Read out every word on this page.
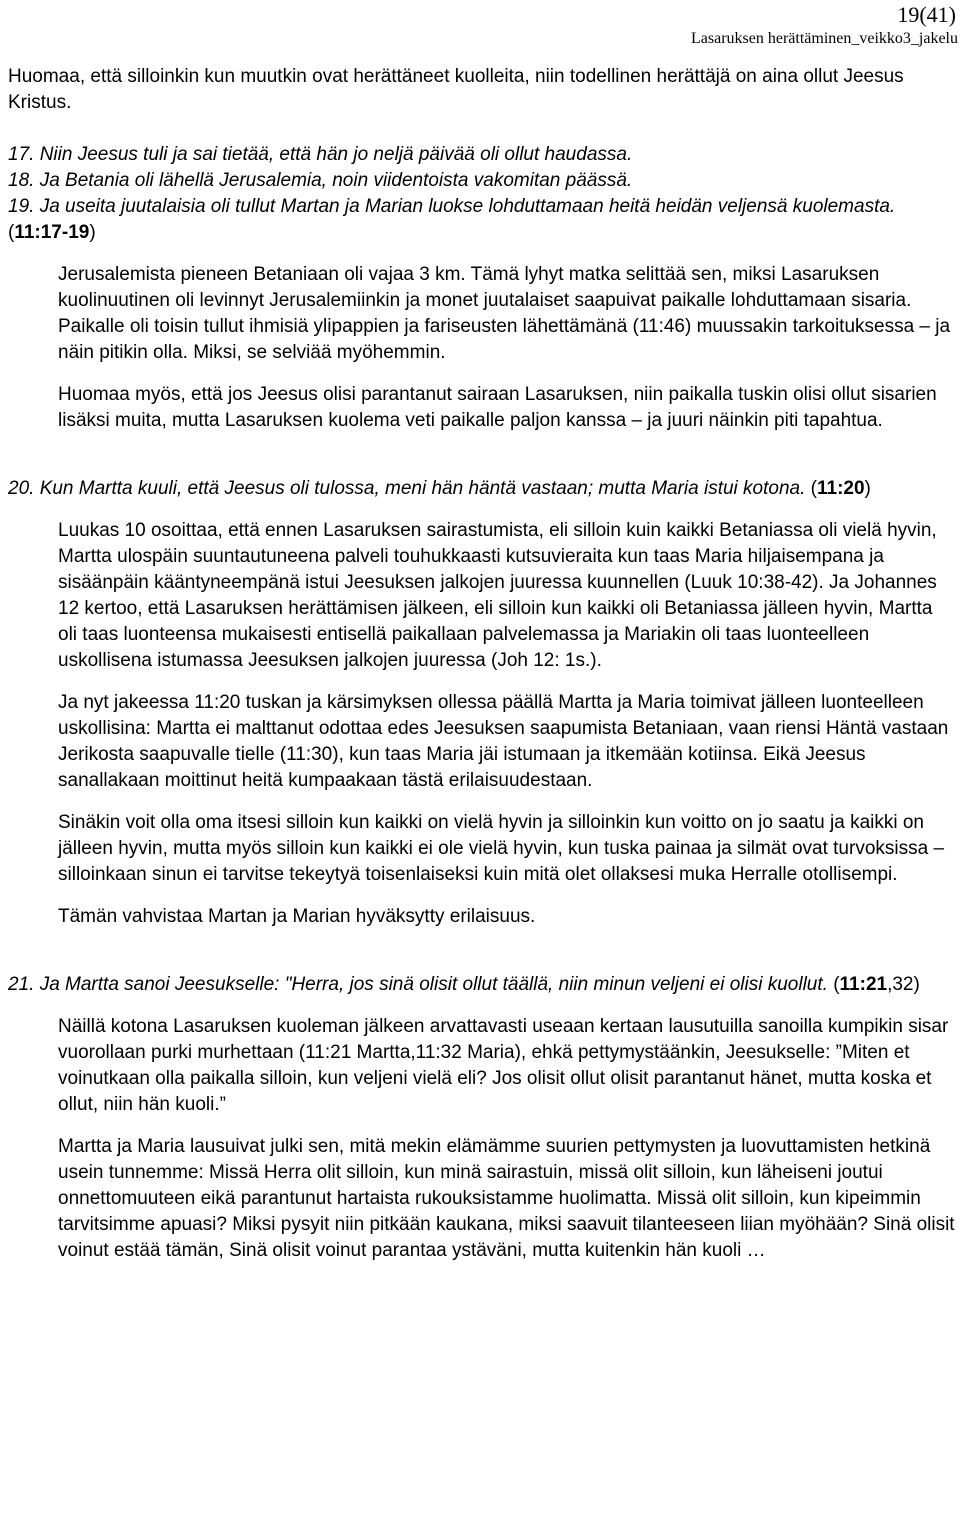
19(41)
Lasaruksen herättäminen_veikko3_jakelu

Huomaa, että silloinkin kun muutkin ovat herättäneet kuolleita, niin todellinen herättäjä on aina ollut Jeesus Kristus.

17. Niin Jeesus tuli ja sai tietää, että hän jo neljä päivää oli ollut haudassa.

18. Ja Betania oli lähellä Jerusalemia, noin viidentoista vakomitan päässä.

19. Ja useita juutalaisia oli tullut Martan ja Marian luokse lohduttamaan heitä heidän veljensä kuolemasta. (11:17-19)

Jerusalemista pieneen Betaniaan oli vajaa 3 km. Tämä lyhyt matka selittää sen, miksi Lasaruksen kuolinuutinen oli levinnyt Jerusalemiinkin ja monet juutalaiset saapuivat paikalle lohduttamaan sisaria. Paikalle oli toisin tullut ihmisiä ylipappien ja fariseusten lähettämänä (11:46) muussakin tarkoituksessa – ja näin pitikin olla. Miksi, se selviää myöhemmin.

Huomaa myös, että jos Jeesus olisi parantanut sairaan Lasaruksen, niin paikalla tuskin olisi ollut sisarien lisäksi muita, mutta Lasaruksen kuolema veti paikalle paljon kanssa – ja juuri näinkin piti tapahtua.

20. Kun Martta kuuli, että Jeesus oli tulossa, meni hän häntä vastaan; mutta Maria istui kotona. (11:20)

Luukas 10 osoittaa, että ennen Lasaruksen sairastumista, eli silloin kuin kaikki Betaniassa oli vielä hyvin, Martta ulospäin suuntautuneena palveli touhukkaasti kutsuvieraita kun taas Maria hiljaisempana ja sisäänpäin kääntyneempänä istui Jeesuksen jalkojen juuressa kuunnellen (Luuk 10:38-42). Ja Johannes 12 kertoo, että Lasaruksen herättämisen jälkeen, eli silloin kun kaikki oli Betaniassa jälleen hyvin, Martta oli taas luonteensa mukaisesti entisellä paikallaan palvelemassa ja Mariakin oli taas luonteelleen uskollisena istumassa Jeesuksen jalkojen juuressa (Joh 12: 1s.).

Ja nyt jakeessa 11:20 tuskan ja kärsimyksen ollessa päällä Martta ja Maria toimivat jälleen luonteelleen uskollisina: Martta ei malttanut odottaa edes Jeesuksen saapumista Betaniaan, vaan riensi Häntä vastaan Jerikosta saapuvalle tielle (11:30), kun taas Maria jäi istumaan ja itkemään kotiinsa. Eikä Jeesus sanallakaan moittinut heitä kumpaakaan tästä erilaisuudestaan.

Sinäkin voit olla oma itsesi silloin kun kaikki on vielä hyvin ja silloinkin kun voitto on jo saatu ja kaikki on jälleen hyvin, mutta myös silloin kun kaikki ei ole vielä hyvin, kun tuska painaa ja silmät ovat turvoksissa – silloinkaan sinun ei tarvitse tekeytyä toisenlaiseksi kuin mitä olet ollaksesi muka Herralle otollisempi.

Tämän vahvistaa Martan ja Marian hyväksytty erilaisuus.

21. Ja Martta sanoi Jeesukselle: "Herra, jos sinä olisit ollut täällä, niin minun veljeni ei olisi kuollut. (11:21,32)

Näillä kotona Lasaruksen kuoleman jälkeen arvattavasti useaan kertaan lausutuilla sanoilla kumpikin sisar vuorollaan purki murhettaan (11:21 Martta,11:32 Maria), ehkä pettymystäänkin, Jeesukselle: ”Miten et voinutkaan olla paikalla silloin, kun veljeni vielä eli? Jos olisit ollut olisit parantanut hänet, mutta koska et ollut, niin hän kuoli.”

Martta ja Maria lausuivat julki sen, mitä mekin elämämme suurien pettymysten ja luovuttamisten hetkinä usein tunnemme: Missä Herra olit silloin, kun minä sairastuin, missä olit silloin, kun läheiseni joutui onnettomuuteen eikä parantunut hartaista rukouksistamme huolimatta. Missä olit silloin, kun kipeimmin tarvitsimme apuasi? Miksi pysyit niin pitkään kaukana, miksi saavuit tilanteeseen liian myöhään? Sinä olisit voinut estää tämän, Sinä olisit voinut parantaa ystäväni, mutta kuitenkin hän kuoli …
